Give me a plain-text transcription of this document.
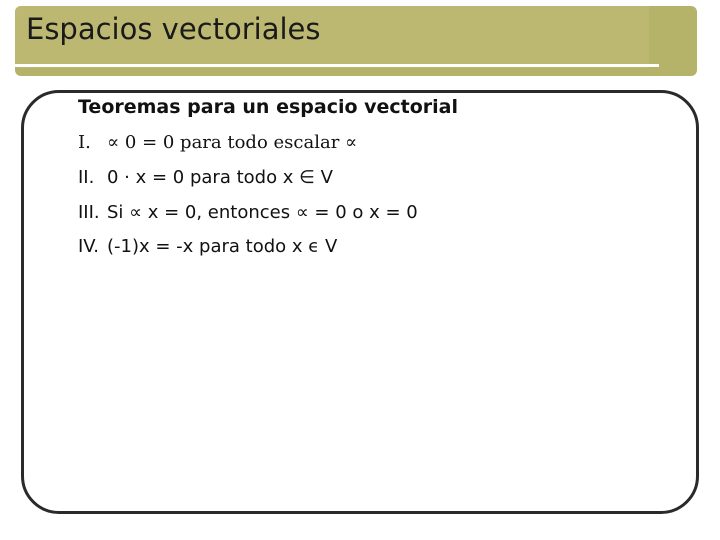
Espacios vectoriales
Teoremas para un espacio vectorial
I. ∝ 0 = 0 para todo escalar ∝
II. 0 · x = 0 para todo x ∈ V
III. Si ∝ x = 0, entonces ∝ = 0 o x = 0
IV. (-1)x = -x para todo x ϵ V
